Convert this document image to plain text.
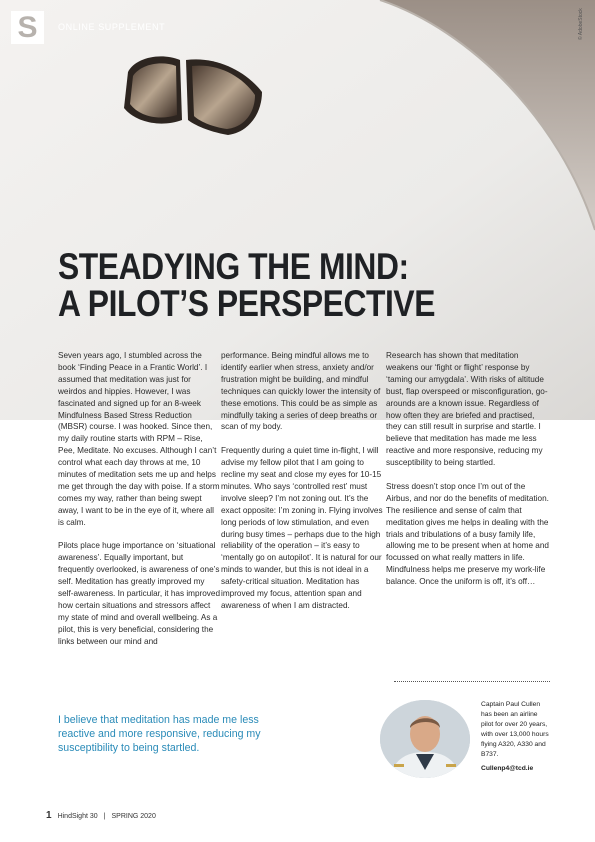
S ONLINE SUPPLEMENT	© AdobeStock
STEADYING THE MIND:
A PILOT’S PERSPECTIVE

Seven years ago, I stumbled across the book ‘Finding Peace in a Frantic World’. I assumed that meditation was just for weirdos and hippies. However, I was fascinated and signed up for an 8-week Mindfulness Based Stress Reduction (MBSR) course. I was hooked. Since then, my daily routine starts with RPM – Rise, Pee, Meditate. No excuses. Although I can’t control what each day throws at me, 10 minutes of meditation sets me up and helps me get through the day with poise. If a storm comes my way, rather than being swept away, I want to be in the eye of it, where all is calm.

Pilots place huge importance on ‘situational awareness’. Equally important, but frequently overlooked, is awareness of one’s self. Meditation has greatly improved my self-awareness. In particular, it has improved how certain situations and stressors affect my state of mind and overall wellbeing. As a pilot, this is very beneficial, considering the links between our mind and

performance. Being mindful allows me to identify earlier when stress, anxiety and/or frustration might be building, and mindful techniques can quickly lower the intensity of these emotions. This could be as simple as mindfully taking a series of deep breaths or scan of my body.

Frequently during a quiet time in-flight, I will advise my fellow pilot that I am going to recline my seat and close my eyes for 10-15 minutes. Who says ‘controlled rest’ must involve sleep? I’m not zoning out. It’s the exact opposite: I’m zoning in. Flying involves long periods of low stimulation, and even during busy times – perhaps due to the high reliability of the operation – it’s easy to ‘mentally go on autopilot’. It is natural for our minds to wander, but this is not ideal in a safety-critical situation. Meditation has improved my focus, attention span and awareness of when I am distracted.

Research has shown that meditation weakens our ‘fight or flight’ response by ‘taming our amygdala’. With risks of altitude bust, flap overspeed or misconfiguration, go-arounds are a known issue. Regardless of how often they are briefed and practised, they can still result in surprise and startle. I believe that meditation has made me less reactive and more responsive, reducing my susceptibility to being startled.

Stress doesn’t stop once I’m out of the Airbus, and nor do the benefits of meditation. The resilience and sense of calm that meditation gives me helps in dealing with the trials and tribulations of a busy family life, allowing me to be present when at home and focussed on what really matters in life. Mindfulness helps me preserve my work-life balance. Once the uniform is off, it’s off…

I believe that meditation has made me less reactive and more responsive, reducing my susceptibility to being startled.
Captain Paul Cullen has been an airline pilot for over 20 years, with over 13,000 hours flying A320, A330 and B737.
Cullenp4@tcd.ie
1 HindSight 30 | SPRING 2020
